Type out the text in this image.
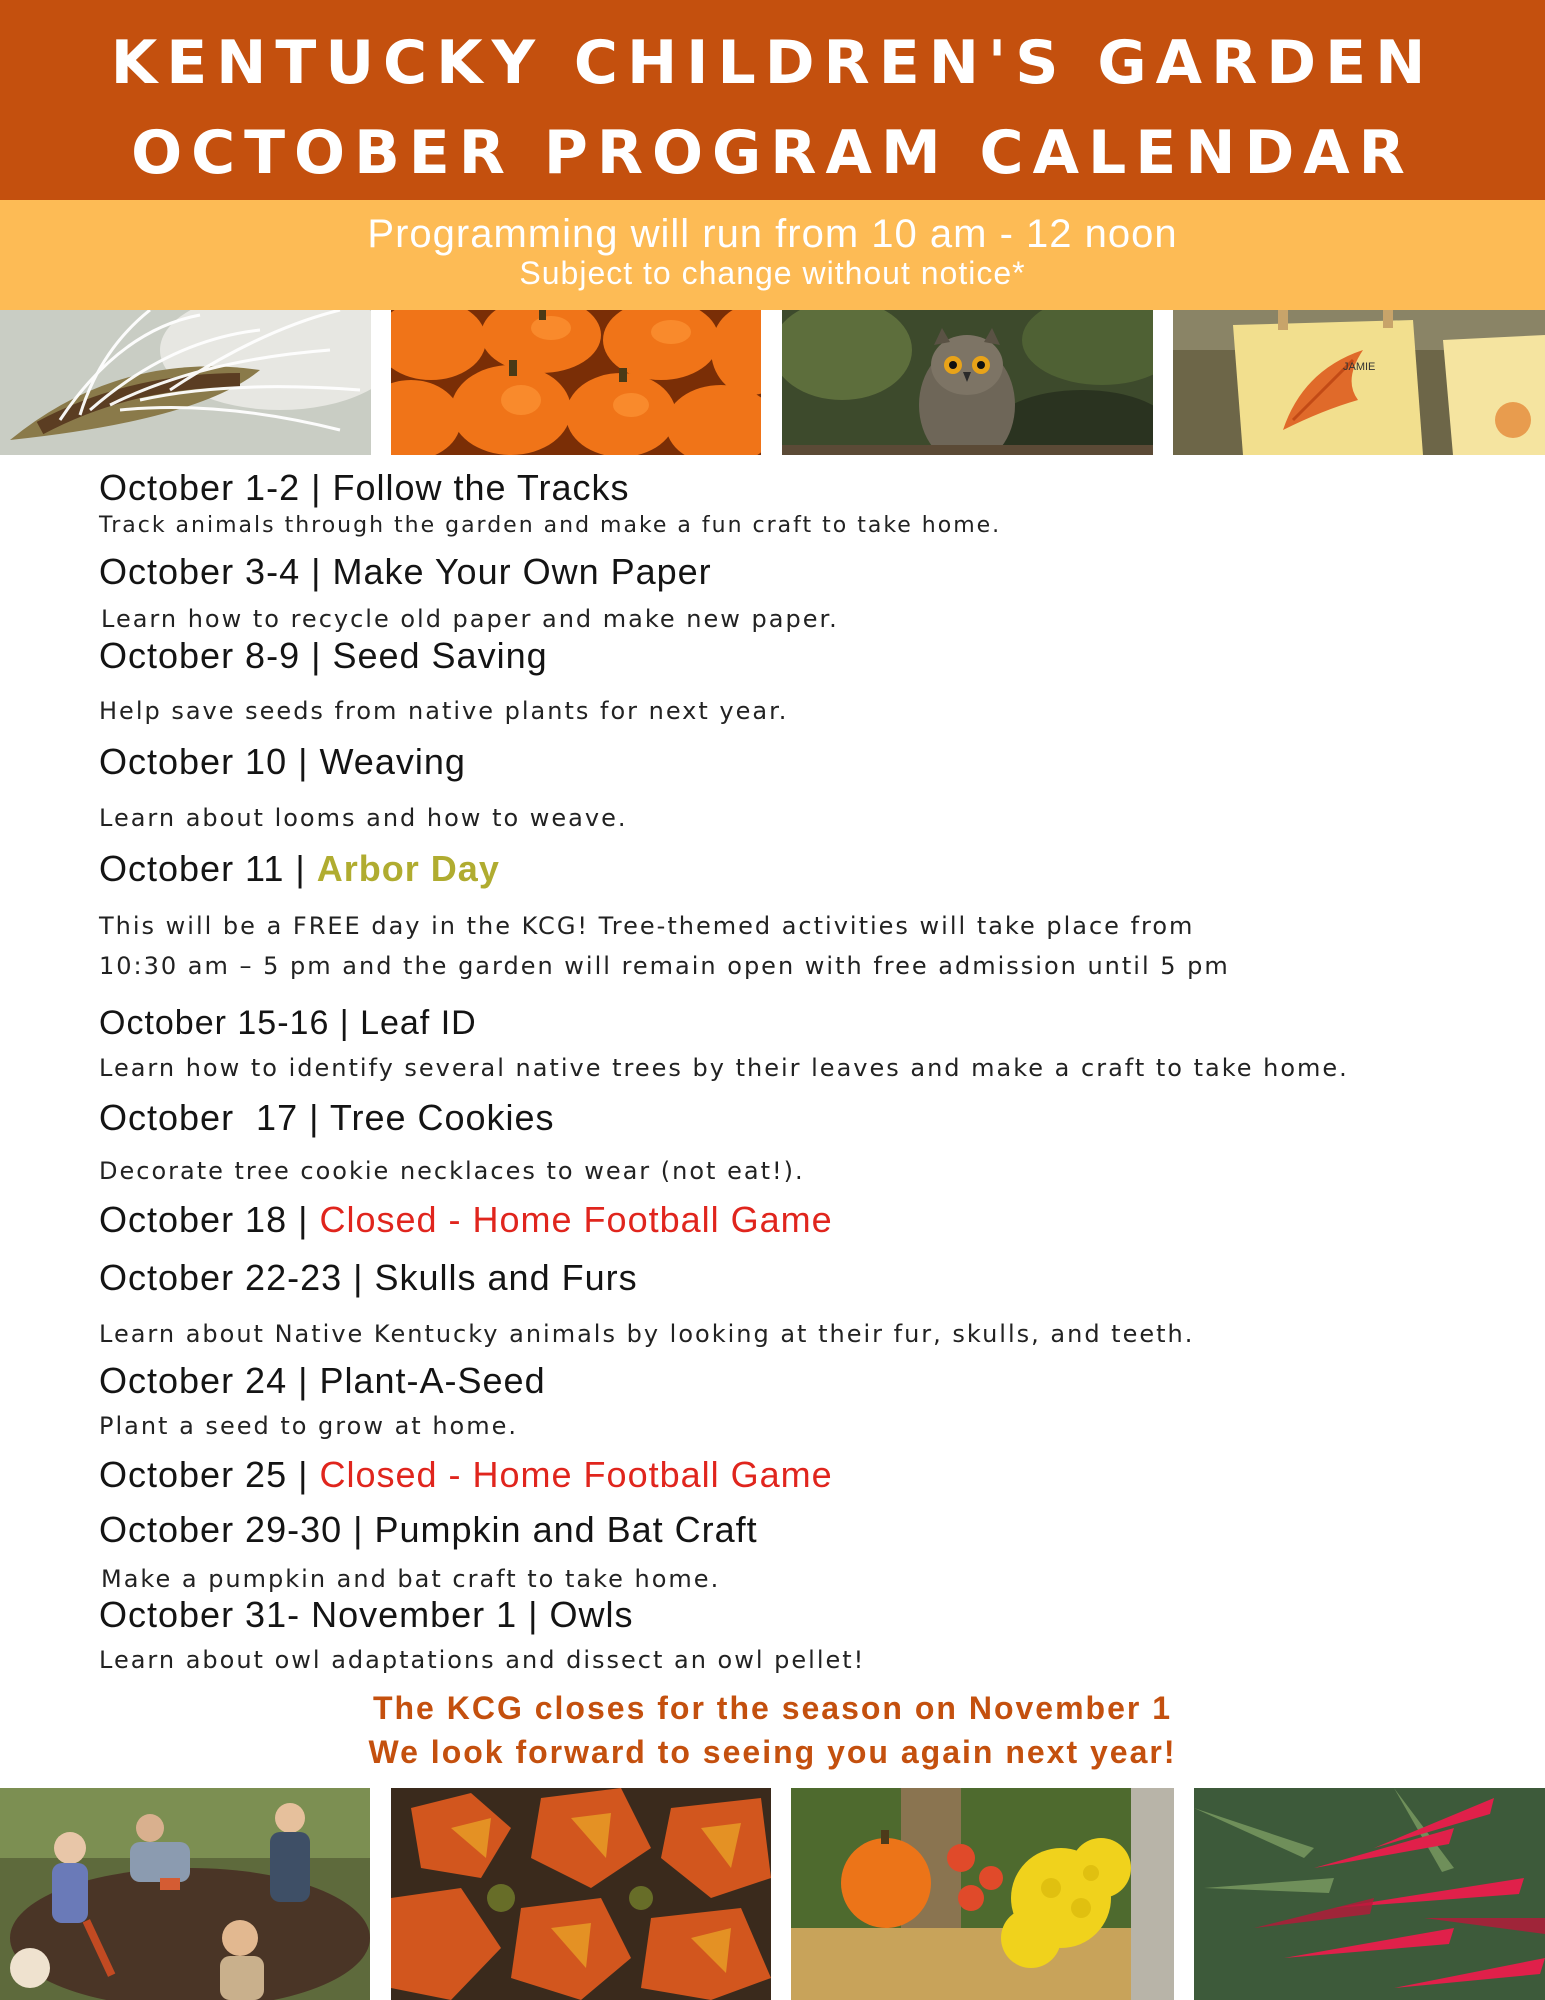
KENTUCKY CHILDREN'S GARDEN
OCTOBER PROGRAM CALENDAR
Programming will run from 10 am - 12 noon
Subject to change without notice*
JAMIE
October 1-2 | Follow the Tracks
Track animals through the garden and make a fun craft to take home.
October 3-4 | Make Your Own Paper
Learn how to recycle old paper and make new paper.
October 8-9 | Seed Saving
Help save seeds from native plants for next year.
October 10 | Weaving
Learn about looms and how to weave.
October 11 | Arbor Day
This will be a FREE day in the KCG! Tree-themed activities will take place from
10:30 am – 5 pm and the garden will remain open with free admission until 5 pm
October 15-16 | Leaf ID
Learn how to identify several native trees by their leaves and make a craft to take home.
October  17 | Tree Cookies
Decorate tree cookie necklaces to wear (not eat!).
October 18 | Closed - Home Football Game
October 22-23 | Skulls and Furs
Learn about Native Kentucky animals by looking at their fur, skulls, and teeth.
October 24 | Plant-A-Seed
Plant a seed to grow at home.
October 25 | Closed - Home Football Game
October 29-30 | Pumpkin and Bat Craft
Make a pumpkin and bat craft to take home.
October 31- November 1 | Owls
Learn about owl adaptations and dissect an owl pellet!
The KCG closes for the season on November 1
We look forward to seeing you again next year!
